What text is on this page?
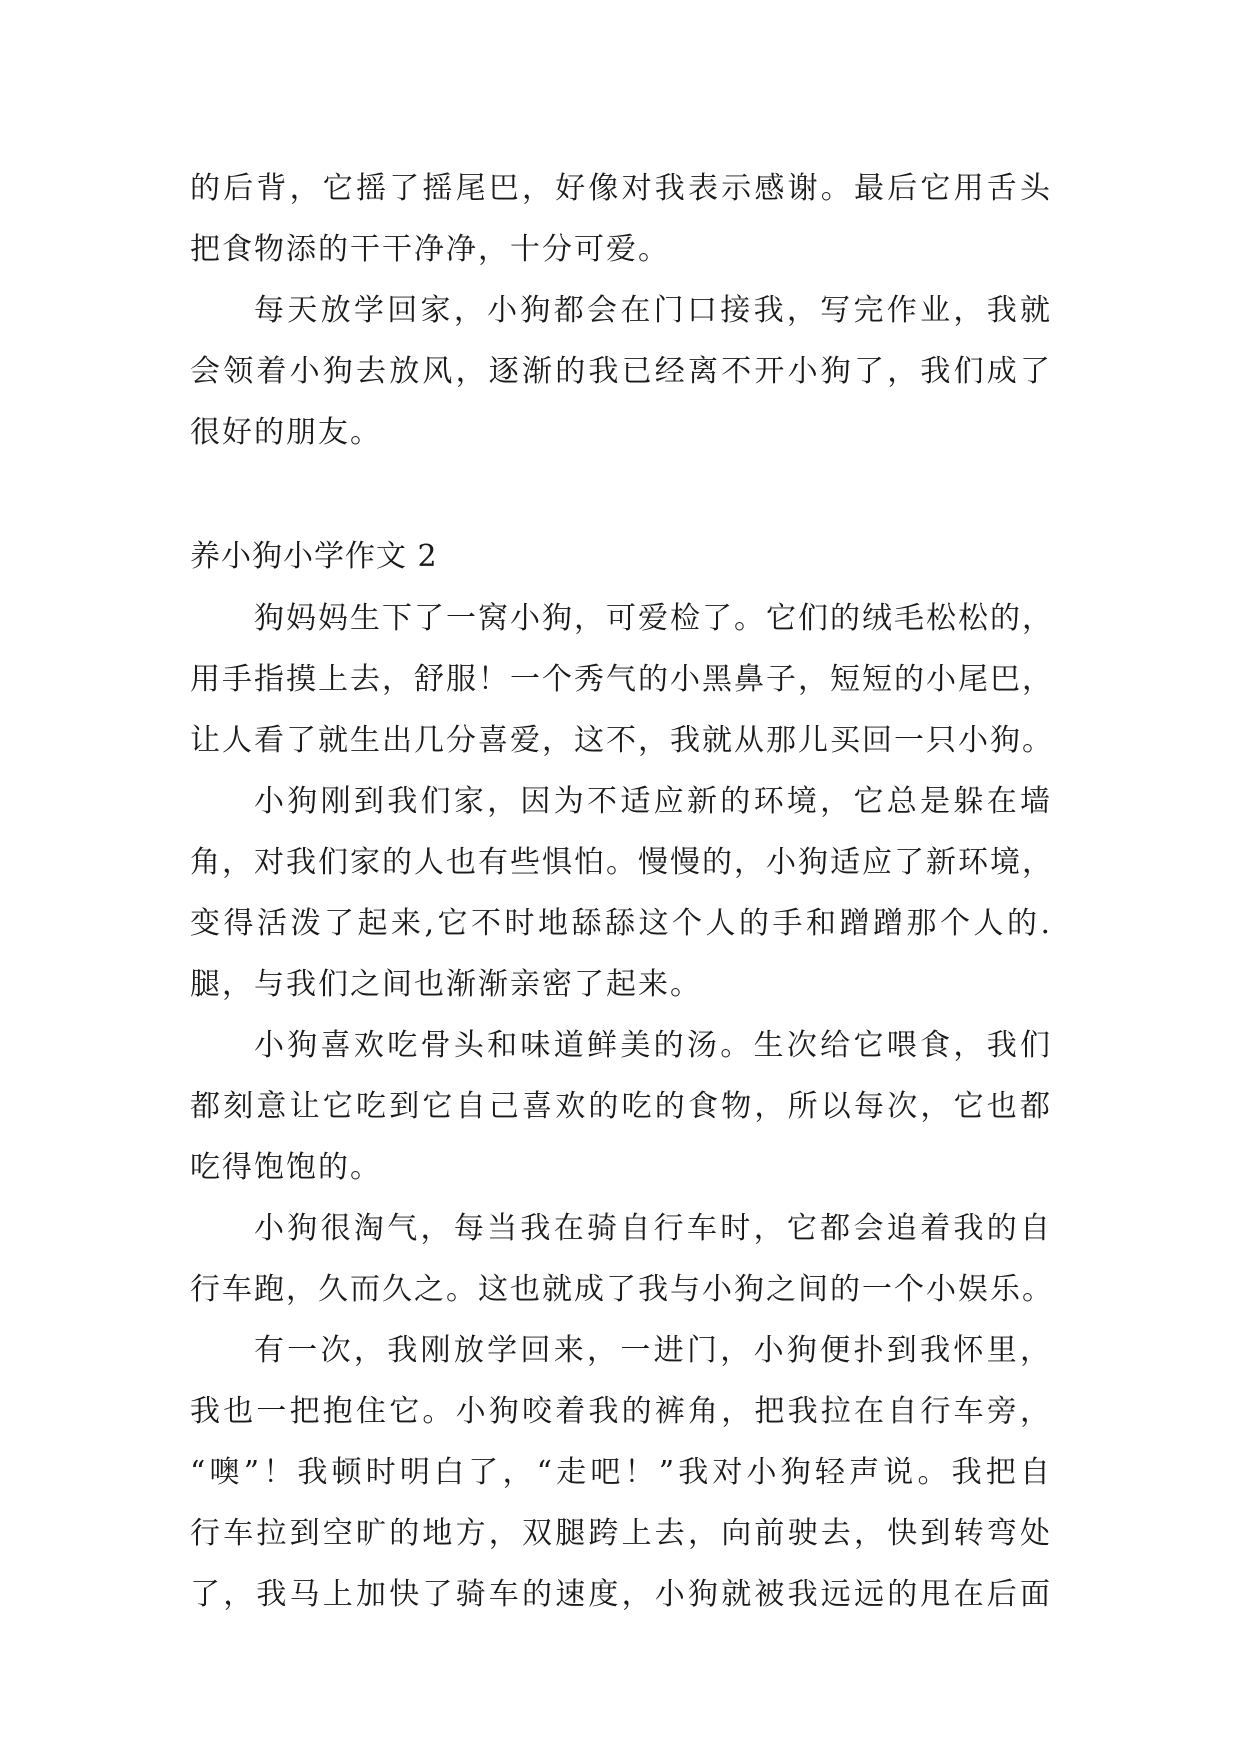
的后背，它摇了摇尾巴，好像对我表示感谢。最后它用舌头
把食物添的干干净净，十分可爱。
每天放学回家，小狗都会在门口接我，写完作业，我就
会领着小狗去放风，逐渐的我已经离不开小狗了，我们成了
很好的朋友。
养小狗小学作文 2
狗妈妈生下了一窝小狗，可爱检了。它们的绒毛松松的，
用手指摸上去，舒服！一个秀气的小黑鼻子，短短的小尾巴，
让人看了就生出几分喜爱，这不，我就从那儿买回一只小狗。
小狗刚到我们家，因为不适应新的环境，它总是躲在墙
角，对我们家的人也有些惧怕。慢慢的，小狗适应了新环境，
变得活泼了起来,它不时地舔舔这个人的手和蹭蹭那个人的.
腿，与我们之间也渐渐亲密了起来。
小狗喜欢吃骨头和味道鲜美的汤。生次给它喂食，我们
都刻意让它吃到它自己喜欢的吃的食物，所以每次，它也都
吃得饱饱的。
小狗很淘气，每当我在骑自行车时，它都会追着我的自
行车跑，久而久之。这也就成了我与小狗之间的一个小娱乐。
有一次，我刚放学回来，一进门，小狗便扑到我怀里，
我也一把抱住它。小狗咬着我的裤角，把我拉在自行车旁，
“噢”！我顿时明白了，“走吧！”我对小狗轻声说。我把自
行车拉到空旷的地方，双腿跨上去，向前驶去，快到转弯处
了，我马上加快了骑车的速度，小狗就被我远远的甩在后面
